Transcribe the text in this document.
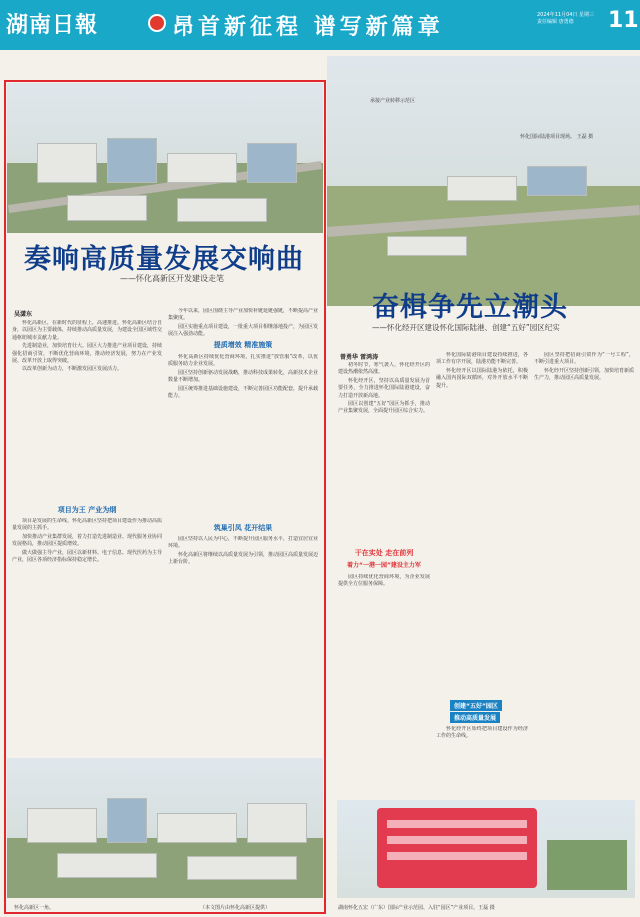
湖南日報	昂首新征程 谱写新篇章	2024年11月04日 星期三
责任编辑 唐勇德	11
奏响高质量发展交响曲
——怀化高新区开发建设走笔
吴潇东

怀化高新区，在新时代的征程上，高速推进。怀化高新区结合自身，以园区为主要载体，持续推动高质量发展，为建设全国区域性交通枢纽城市贡献力量。

先进制造业，加快培育壮大。园区大力推进产业项目建设，持续强化招商引资，不断优化营商环境，推动经济发展，努力在产业发展、改革开放上取得突破。

以改革创新为动力，不断激发园区发展活力。

项目为王 产业为纲

项目是发展的生命线。怀化高新区坚持把项目建设作为推动高质量发展的主抓手。

加快推动产业集群发展，着力打造先进制造业、现代服务业协同发展格局，推动园区提质增效。

做大做强主导产业，园区以新材料、电子信息、现代医药为主导产业，园区各项经济指标保持稳定增长。

今年以来，园区围绕主导产业加快补链延链强链，不断提高产业集聚度。

园区实施重点项目建设，一批重大项目相继落地投产，为园区发展注入强劲动能。

提质增效 精准施策

怀化高新区持续优化营商环境，扎实推进“放管服”改革，以优质服务助力企业发展。

园区坚持创新驱动发展战略，推动科技成果转化，高新技术企业数量不断增加。

园区统筹推进基础设施建设，不断完善园区功能配套，提升承载能力。

筑巢引凤 花开结果

园区坚持以人民为中心，不断提升园区服务水平，打造宜居宜业环境。

怀化高新区将继续以高质量发展为引领，推动园区高质量发展迈上新台阶。

怀化高新区一角。	（本文图片由怀化高新区提供）
承接产业转移示范区
怀化国际陆港项目现场。 王磊 摄
奋楫争先立潮头
——怀化经开区建设怀化国际陆港、创建“五好”园区纪实
曾勇华 雷鸿涛

初冬时节，寒气袭人，怀化经开区的建设热潮依然高涨。

怀化经开区，坚持以高质量发展为首要任务，全力推进怀化国际陆港建设，奋力打造开放新高地。

园区以创建“五好”园区为抓手，推动产业集聚发展，全面提升园区综合实力。

干在实处 走在前列
着力“一港一园”建设主力军

园区持续优化营商环境，为企业发展提供全方位服务保障。

怀化国际陆港项目建设持续推进，各项工作有序开展，陆港功能不断完善。

怀化经开区以国际陆港为依托，积极融入国内国际双循环，对外开放水平不断提升。

创建“五好”园区
推动高质量发展

怀化经开区始终把项目建设作为经济工作的生命线。

园区坚持把招商引资作为“一号工程”，不断引进重大项目。

怀化经开区坚持创新引领，加快培育新质生产力，推动园区高质量发展。

湖南怀化五宏（广东）国际产业示范园、入驻“园区”产业项目。王磊 摄
